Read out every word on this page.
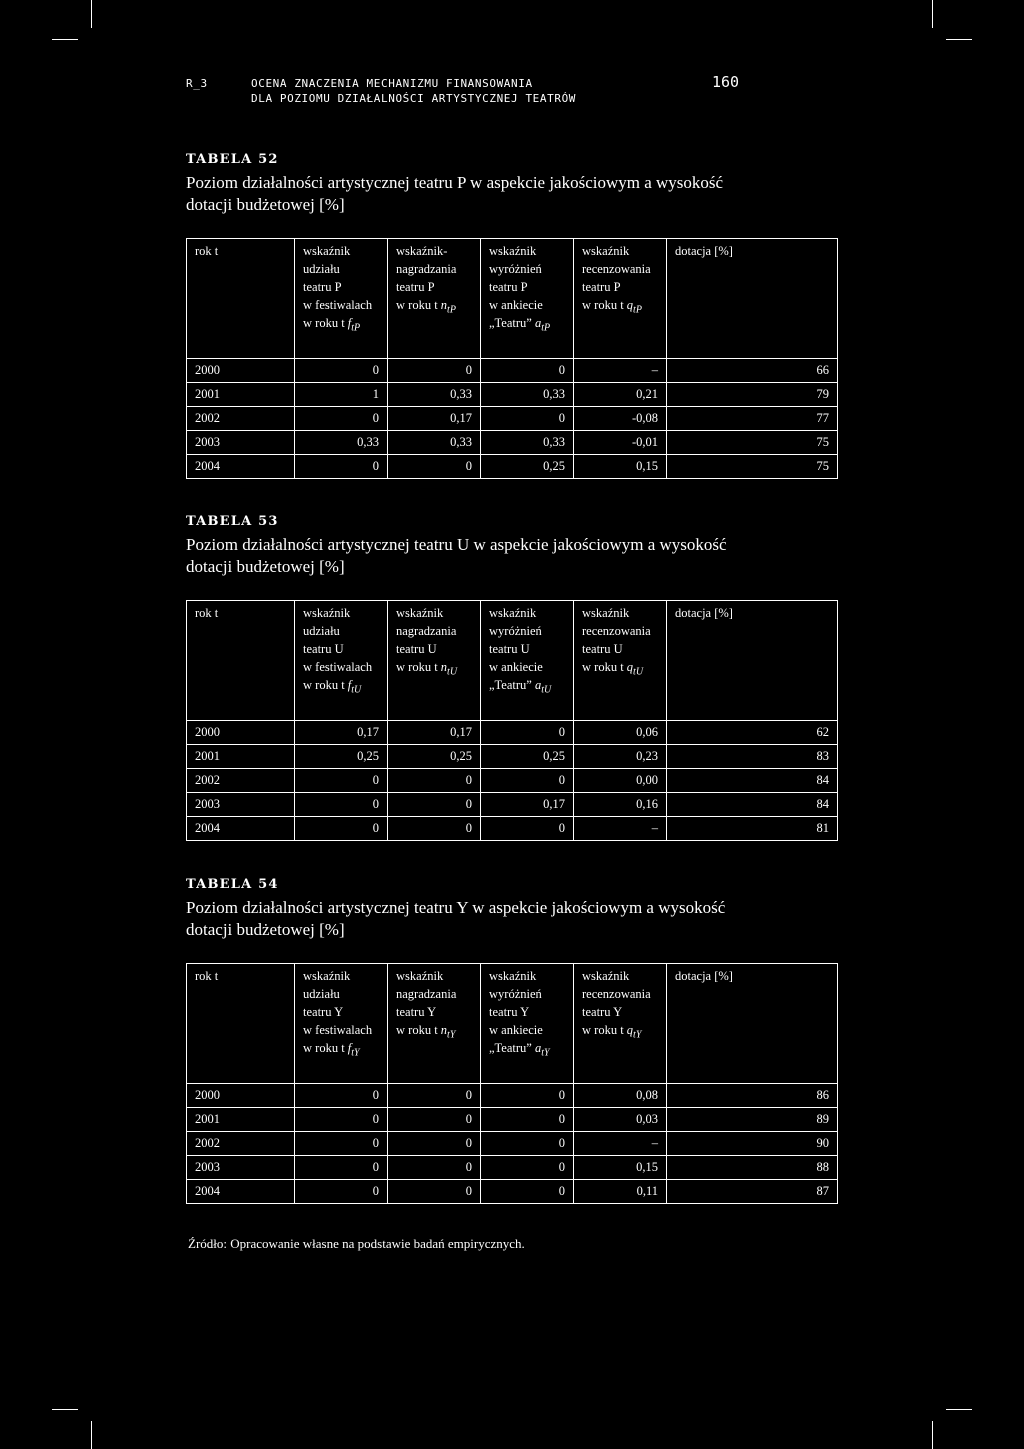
R_3	OCENA ZNACZENIA MECHANIZMU FINANSOWANIA
DLA POZIOMU DZIAŁALNOŚCI ARTYSTYCZNEJ TEATRÓW
160
TABELA 52
Poziom działalności artystycznej teatru P w aspekcie jakościowym a wysokość dotacji budżetowej [%]
rok t	wskaźnik
udziału
teatru P
w festiwalach
w roku t $f_{tP}$	wskaźnik-
nagradzania
teatru P
w roku t $n_{tP}$	wskaźnik
wyróżnień
teatru P
w ankiecie
„Teatru” $a_{tP}$	wskaźnik
recenzowania
teatru P
w roku t $q_{tP}$	dotacja [%]

2000	0	0	0	–	66
2001	1	0,33	0,33	0,21	79
2002	0	0,17	0	-0,08	77
2003	0,33	0,33	0,33	-0,01	75
2004	0	0	0,25	0,15	75
TABELA 53
Poziom działalności artystycznej teatru U w aspekcie jakościowym a wysokość dotacji budżetowej [%]
rok t	wskaźnik
udziału
teatru U
w festiwalach
w roku t $f_{tU}$	wskaźnik
nagradzania
teatru U
w roku t $n_{tU}$	wskaźnik
wyróżnień
teatru U
w ankiecie
„Teatru” $a_{tU}$	wskaźnik
recenzowania
teatru U
w roku t $q_{tU}$	dotacja [%]

2000	0,17	0,17	0	0,06	62
2001	0,25	0,25	0,25	0,23	83
2002	0	0	0	0,00	84
2003	0	0	0,17	0,16	84
2004	0	0	0	–	81
TABELA 54
Poziom działalności artystycznej teatru Y w aspekcie jakościowym a wysokość dotacji budżetowej [%]
rok t	wskaźnik
udziału
teatru Y
w festiwalach
w roku t $f_{tY}$	wskaźnik
nagradzania
teatru Y
w roku t $n_{tY}$	wskaźnik
wyróżnień
teatru Y
w ankiecie
„Teatru” $a_{tY}$	wskaźnik
recenzowania
teatru Y
w roku t $q_{tY}$	dotacja [%]

2000	0	0	0	0,08	86
2001	0	0	0	0,03	89
2002	0	0	0	–	90
2003	0	0	0	0,15	88
2004	0	0	0	0,11	87
Źródło: Opracowanie własne na podstawie badań empirycznych.
